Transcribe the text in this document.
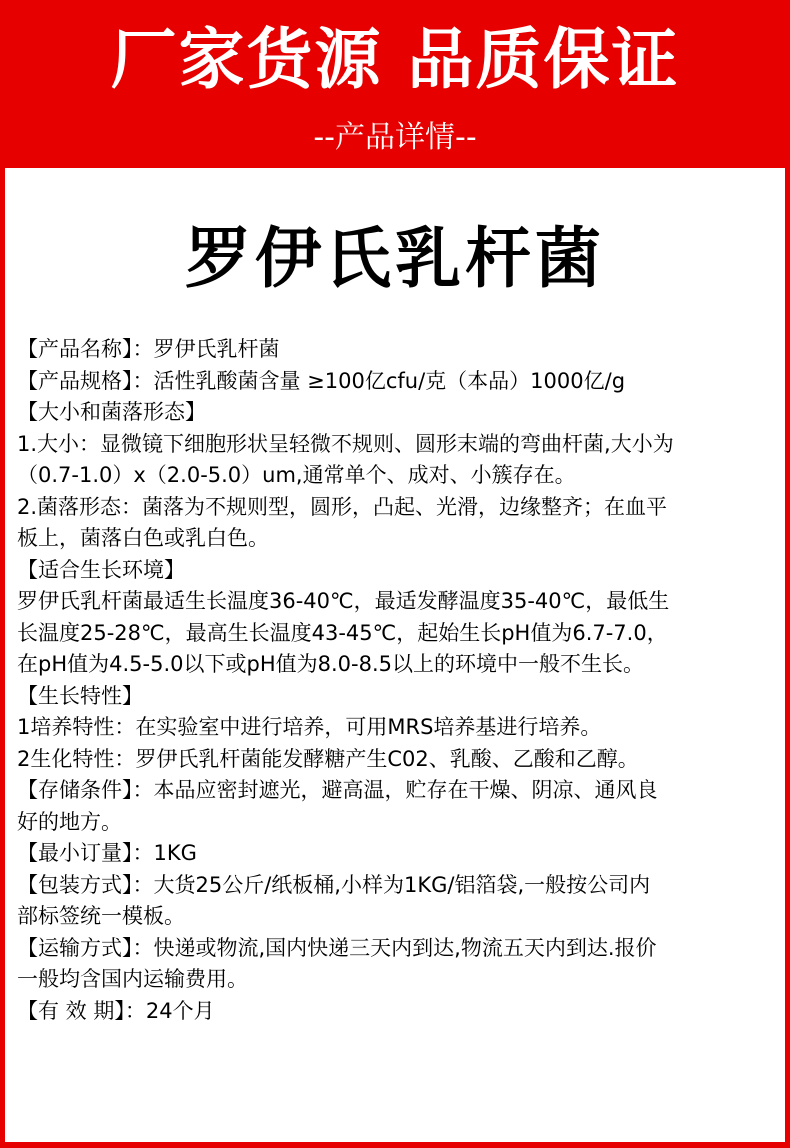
厂家货源 品质保证
--产品详情--
罗伊氏乳杆菌

【产品名称】：罗伊氏乳杆菌

【产品规格】：活性乳酸菌含量 ≥100亿cfu/克（本品）1000亿/g

【大小和菌落形态】

1.大小：显微镜下细胞形状呈轻微不规则、圆形末端的弯曲杆菌,大小为

（0.7-1.0）x（2.0-5.0）um,通常单个、成对、小簇存在。

2.菌落形态：菌落为不规则型，圆形，凸起、光滑，边缘整齐；在血平

板上，菌落白色或乳白色。

【适合生长环境】

罗伊氏乳杆菌最适生长温度36-40℃，最适发酵温度35-40℃，最低生

长温度25-28℃，最高生长温度43-45℃，起始生长pH值为6.7-7.0，

在pH值为4.5-5.0以下或pH值为8.0-8.5以上的环境中一般不生长。

【生长特性】

1培养特性：在实验室中进行培养，可用MRS培养基进行培养。

2生化特性：罗伊氏乳杆菌能发酵糖产生C02、乳酸、乙酸和乙醇。

【存储条件】：本品应密封遮光，避高温，贮存在干燥、阴凉、通风良

好的地方。

【最小订量】：1KG

【包装方式】：大货25公斤/纸板桶,小样为1KG/铝箔袋,一般按公司内

部标签统一模板。

【运输方式】：快递或物流,国内快递三天内到达,物流五天内到达.报价

一般均含国内运输费用。

【有 效 期】：24个月
